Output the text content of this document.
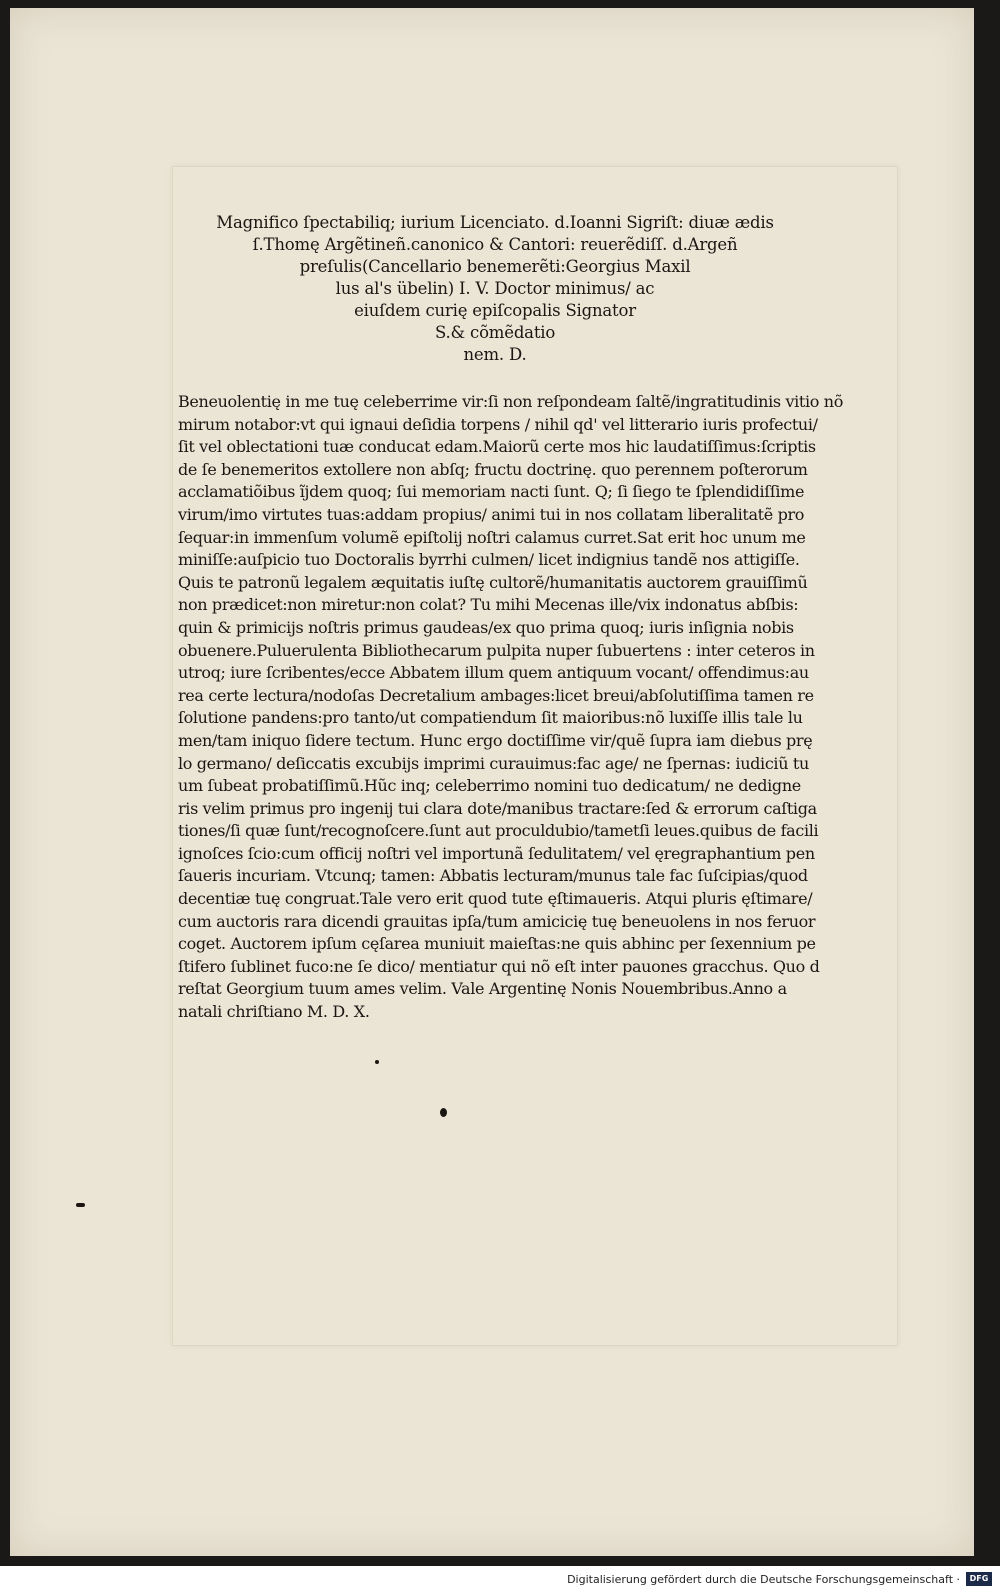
Magnifico ſpectabiliq; iurium Licenciato. d.Ioanni Sigriſt: diuæ ædis
ſ.Thomę Argẽtineñ.canonico & Cantori: reuerẽdiſſ. d.Argeñ
preſulis(Cancellario benemerẽti:Georgius Maxil
lus al's übelin) I. V. Doctor minimus/ ac
eiuſdem curię epiſcopalis Signator
S.& cõmẽdatio
nem. D.
Beneuolentię in me tuę celeberrime vir:ſi non reſpondeam ſaltẽ/ingratitudinis vitio nõ
mirum notabor:vt qui ignaui deſidia torpens / nihil qd' vel litterario iuris profectui/
ſit vel oblectationi tuæ conducat edam.Maiorũ certe mos hic laudatiſſimus:ſcriptis
de ſe benemeritos extollere non abſq; fructu doctrinę. quo perennem poſterorum
acclamatiõibus ĩjdem quoq; ſui memoriam nacti ſunt. Q; ſi ſiego te ſplendidiſſime
virum/imo virtutes tuas:addam propius/ animi tui in nos collatam liberalitatẽ pro
ſequar:in immenſum volumẽ epiſtolij noſtri calamus curret.Sat erit hoc unum me
miniſſe:auſpicio tuo Doctoralis byrrhi culmen/ licet indignius tandẽ nos attigiſſe.
Quis te patronũ legalem æquitatis iuſtę cultorẽ/humanitatis auctorem grauiſſimũ
non prædicet:non miretur:non colat? Tu mihi Mecenas ille/vix indonatus abſbis:
quin & primicijs noſtris primus gaudeas/ex quo prima quoq; iuris inſignia nobis
obuenere.Puluerulenta Bibliothecarum pulpita nuper ſubuertens : inter ceteros in
utroq; iure ſcribentes/ecce Abbatem illum quem antiquum vocant/ offendimus:au
rea certe lectura/nodoſas Decretalium ambages:licet breui/abſolutiſſima tamen re
ſolutione pandens:pro tanto/ut compatiendum ſit maioribus:nõ luxiſſe illis tale lu
men/tam iniquo ſidere tectum. Hunc ergo doctiſſime vir/quẽ ſupra iam diebus prę
lo germano/ deſiccatis excubijs imprimi curauimus:fac age/ ne ſpernas: iudiciũ tu
um ſubeat probatiſſimũ.Hũc inq; celeberrimo nomini tuo dedicatum/ ne dedigne
ris velim primus pro ingenij tui clara dote/manibus tractare:ſed & errorum caſtiga
tiones/ſi quæ ſunt/recognoſcere.ſunt aut proculdubio/tametſi leues.quibus de facili
ignoſces ſcio:cum officij noſtri vel importunã ſedulitatem/ vel ęregraphantium pen
ſaueris incuriam. Vtcunq; tamen: Abbatis lecturam/munus tale fac ſuſcipias/quod
decentiæ tuę congruat.Tale vero erit quod tute ęſtimaueris. Atqui pluris ęſtimare/
cum auctoris rara dicendi grauitas ipſa/tum amicicię tuę beneuolens in nos feruor
coget. Auctorem ipſum cęſarea muniuit maieſtas:ne quis abhinc per ſexennium pe
ſtifero ſublinet fuco:ne ſe dico/ mentiatur qui nõ eſt inter pauones gracchus. Quo d
reſtat Georgium tuum ames velim. Vale Argentinę Nonis Nouembribus.Anno a
natali chriſtiano M. D. X.
Digitalisierung gefördert durch die Deutsche Forschungsgemeinschaft ·	DFG
